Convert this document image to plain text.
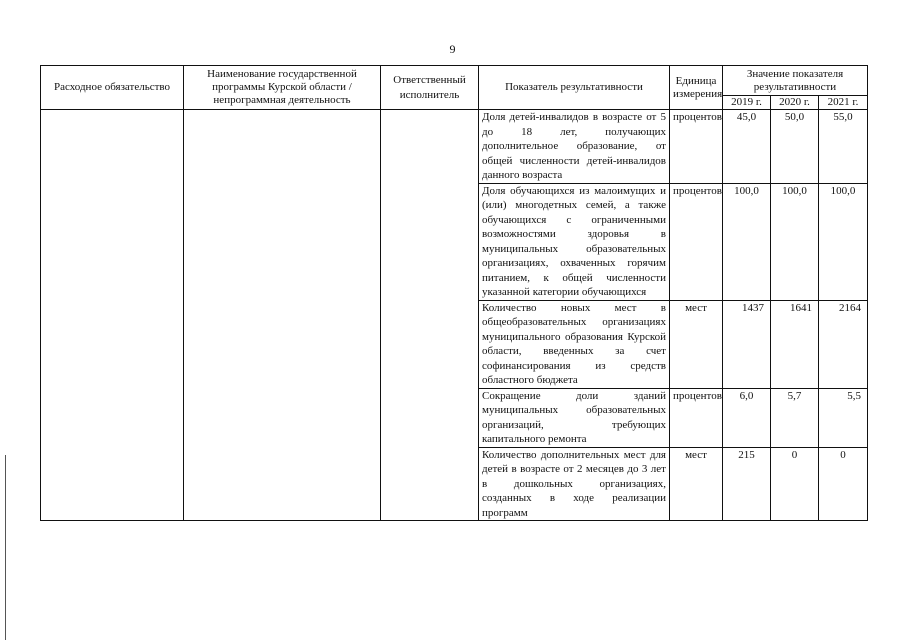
9
Расходное обязательство	Наименование государственной программы Курской области / непрограммная деятельность	Ответственный исполнитель	Показатель результативности	Единица измерения	Значение показателя результативности		
					2019 г.	2020 г.	2021 г.
			Доля детей-инвалидов в возрасте от 5 до 18 лет, получающих дополнительное образование, от общей численности детей-инвалидов данного возраста	процентов	45,0	50,0	55,0
			Доля обучающихся из малоимущих и (или) многодетных семей, а также обучающихся с ограниченными возможностями здоровья в муниципальных образовательных организациях, охваченных горячим питанием, к общей численности указанной категории обучающихся	процентов	100,0	100,0	100,0
			Количество новых мест в общеобразовательных организациях муниципального образования Курской области, введенных за счет софинансирования из средств областного бюджета	мест	1437	1641	2164
			Сокращение доли зданий муниципальных образовательных организаций, требующих капитального ремонта	процентов	6,0	5,7	5,5
			Количество дополнительных мест для детей в возрасте от 2 месяцев до 3 лет в дошкольных организациях, созданных в ходе реализации программ	мест	215	0	0
